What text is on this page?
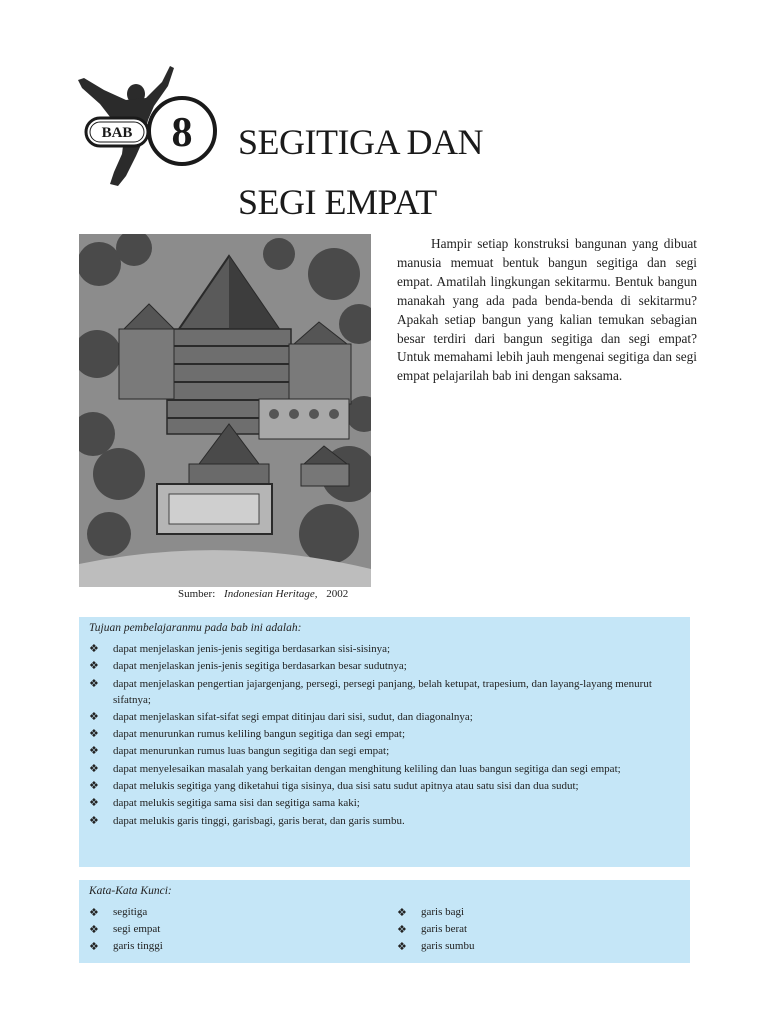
BAB 8 SEGITIGA DAN
SEGI EMPAT
Sumber: Indonesian Heritage, 2002

Hampir setiap konstruksi bangunan yang dibuat manusia memuat bentuk bangun segitiga dan segi empat. Amatilah lingkungan sekitarmu. Bentuk bangun manakah yang ada pada benda-benda di sekitarmu? Apakah setiap bangun yang kalian temukan sebagian besar terdiri dari bangun segitiga dan segi empat? Untuk memahami lebih jauh mengenai segitiga dan segi empat pelajarilah bab ini dengan saksama.

Tujuan pembelajaranmu pada bab ini adalah:
❖ dapat menjelaskan jenis-jenis segitiga berdasarkan sisi-sisinya;
❖ dapat menjelaskan jenis-jenis segitiga berdasarkan besar sudutnya;
❖ dapat menjelaskan pengertian jajargenjang, persegi, persegi panjang, belah ketupat, trapesium, dan layang-layang menurut sifatnya;
❖ dapat menjelaskan sifat-sifat segi empat ditinjau dari sisi, sudut, dan diagonalnya;
❖ dapat menurunkan rumus keliling bangun segitiga dan segi empat;
❖ dapat menurunkan rumus luas bangun segitiga dan segi empat;
❖ dapat menyelesaikan masalah yang berkaitan dengan menghitung keliling dan luas bangun segitiga dan segi empat;
❖ dapat melukis segitiga yang diketahui tiga sisinya, dua sisi satu sudut apitnya atau satu sisi dan dua sudut;
❖ dapat melukis segitiga sama sisi dan segitiga sama kaki;
❖ dapat melukis garis tinggi, garisbagi, garis berat, dan garis sumbu.
Kata-Kata Kunci:
❖ segitiga
❖ segi empat
❖ garis tinggi
❖ garis bagi
❖ garis berat
❖ garis sumbu
